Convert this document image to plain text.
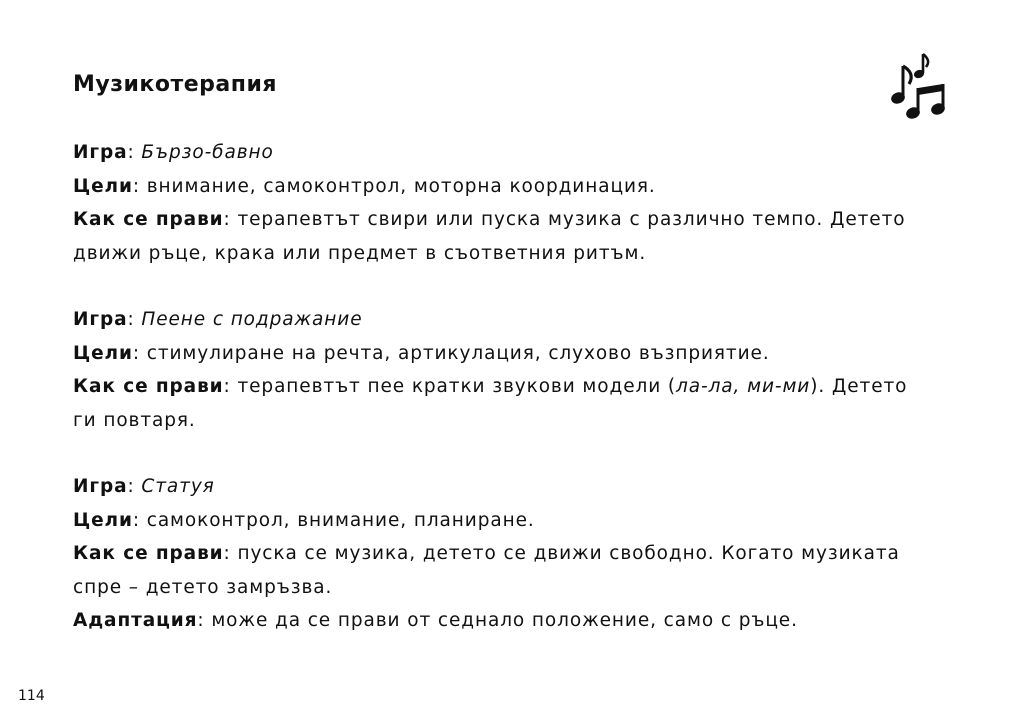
Музикотерапия
Игра: Бързо-бавно
Цели: внимание, самоконтрол, моторна координация.
Как се прави: терапевтът свири или пуска музика с различно темпо. Детето
движи ръце, крака или предмет в съответния ритъм.
Игра: Пеене с подражание
Цели: стимулиране на речта, артикулация, слухово възприятие.
Как се прави: терапевтът пее кратки звукови модели (ла-ла, ми-ми). Детето
ги повтаря.
Игра: Статуя
Цели: самоконтрол, внимание, планиране.
Как се прави: пуска се музика, детето се движи свободно. Когато музиката
спре – детето замръзва.
Адаптация: може да се прави от седнало положение, само с ръце.
114
